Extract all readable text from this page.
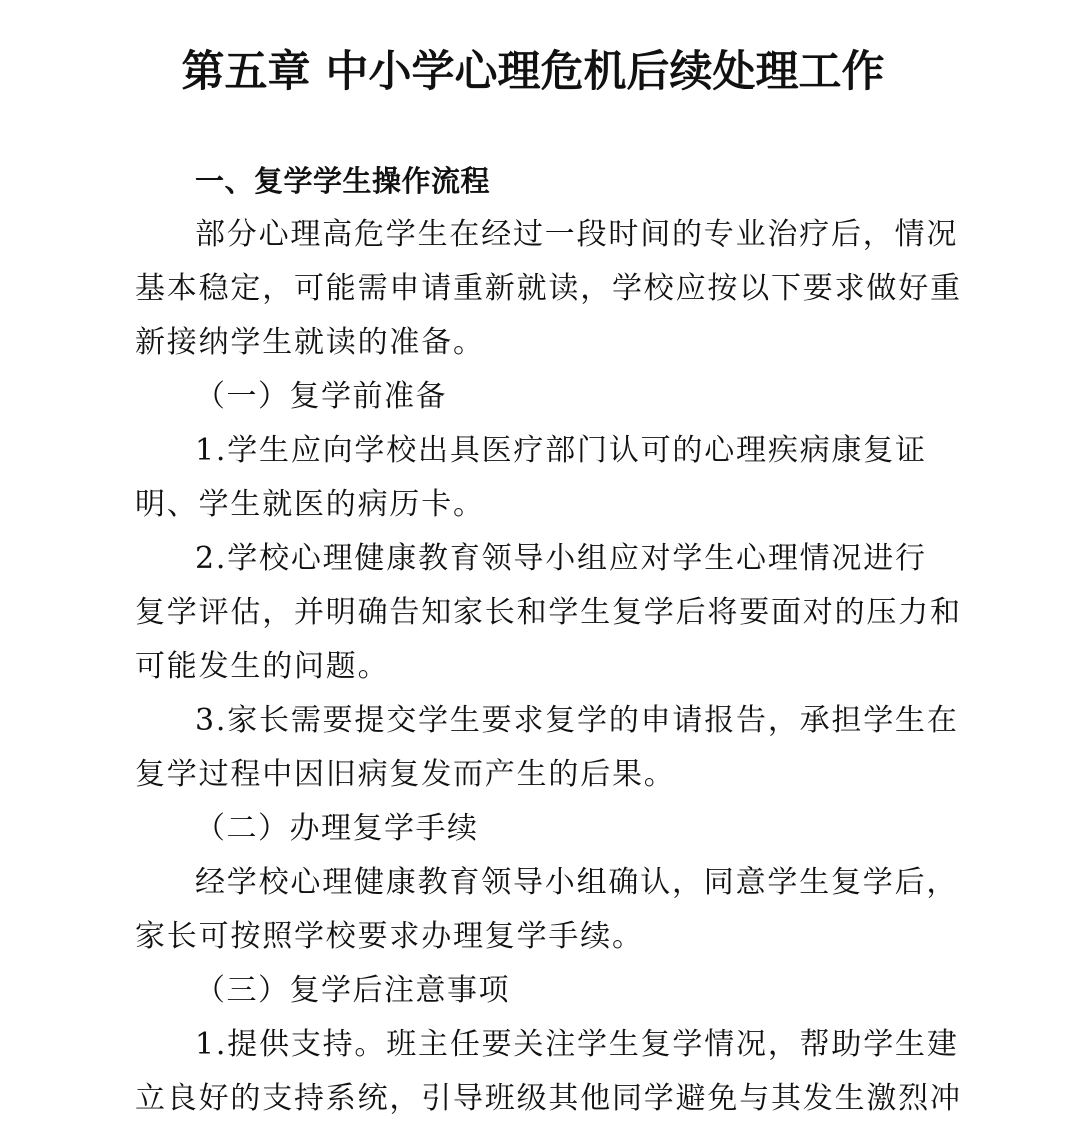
第五章 中小学心理危机后续处理工作

一、复学学生操作流程

部分心理高危学生在经过一段时间的专业治疗后，情况

基本稳定，可能需申请重新就读，学校应按以下要求做好重

新接纳学生就读的准备。

（一）复学前准备

1.学生应向学校出具医疗部门认可的心理疾病康复证

明、学生就医的病历卡。

2.学校心理健康教育领导小组应对学生心理情况进行

复学评估，并明确告知家长和学生复学后将要面对的压力和

可能发生的问题。

3.家长需要提交学生要求复学的申请报告，承担学生在

复学过程中因旧病复发而产生的后果。

（二）办理复学手续

经学校心理健康教育领导小组确认，同意学生复学后，

家长可按照学校要求办理复学手续。

（三）复学后注意事项

1.提供支持。班主任要关注学生复学情况，帮助学生建

立良好的支持系统，引导班级其他同学避免与其发生激烈冲
